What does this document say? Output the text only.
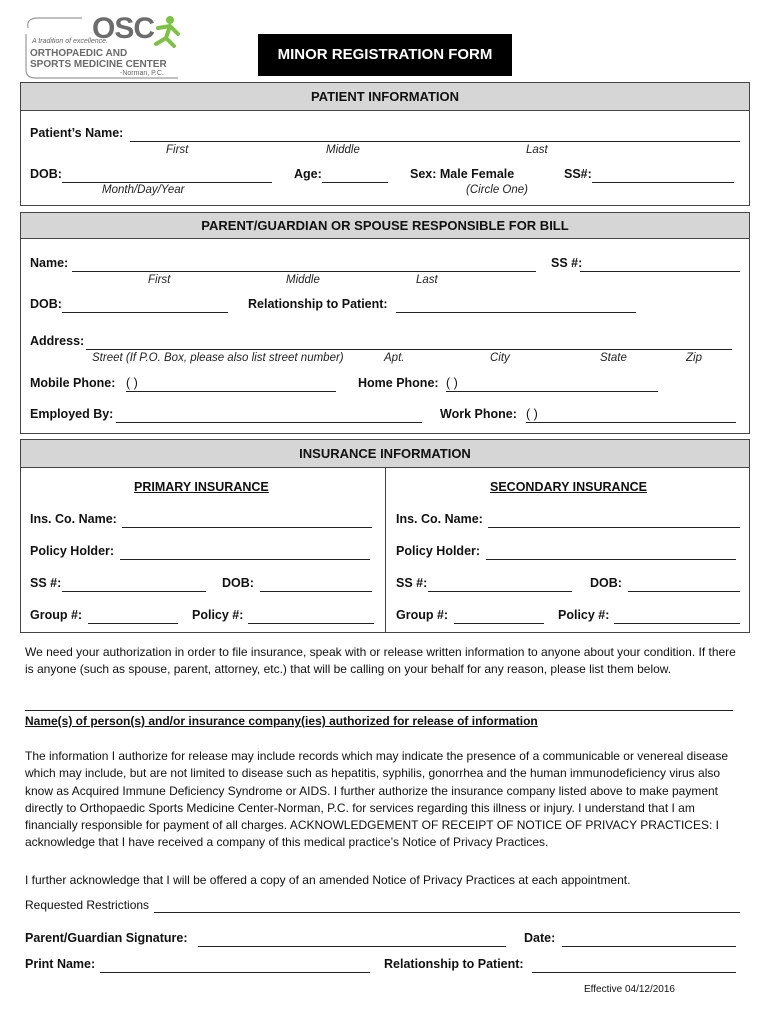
OSC
A tradition of excellence.
ORTHOPAEDIC AND
SPORTS MEDICINE CENTER
-Norman, P.C.
MINOR REGISTRATION FORM
PATIENT INFORMATION
Patient’s Name:
First	Middle	Last
DOB:
Month/Day/Year
Age:	Sex: Male Female
(Circle One)
SS#:
PARENT/GUARDIAN OR SPOUSE RESPONSIBLE FOR BILL
Name:
First	Middle	Last
SS #:
DOB:	Relationship to Patient:
Address:
Street (If P.O. Box, please also list street number)	Apt.	City	State	Zip
Mobile Phone: ( )	Home Phone: ( )
Employed By:	Work Phone: ( )
INSURANCE INFORMATION
PRIMARY INSURANCE
Ins. Co. Name:
Policy Holder:
SS #:	DOB:
Group #:	Policy #:
SECONDARY INSURANCE
Ins. Co. Name:
Policy Holder:
SS #:	DOB:
Group #:	Policy #:
We need your authorization in order to file insurance, speak with or release written information to anyone about your condition. If there is anyone (such as spouse, parent, attorney, etc.) that will be calling on your behalf for any reason, please list them below.
Name(s) of person(s) and/or insurance company(ies) authorized for release of information
The information I authorize for release may include records which may indicate the presence of a communicable or venereal disease which may include, but are not limited to disease such as hepatitis, syphilis, gonorrhea and the human immunodeficiency virus also know as Acquired Immune Deficiency Syndrome or AIDS. I further authorize the insurance company listed above to make payment directly to Orthopaedic Sports Medicine Center-Norman, P.C. for services regarding this illness or injury. I understand that I am financially responsible for payment of all charges. ACKNOWLEDGEMENT OF RECEIPT OF NOTICE OF PRIVACY PRACTICES: I acknowledge that I have received a company of this medical practice’s Notice of Privacy Practices.
I further acknowledge that I will be offered a copy of an amended Notice of Privacy Practices at each appointment.
Requested Restrictions
Parent/Guardian Signature:	Date:
Print Name:	Relationship to Patient:
Effective 04/12/2016
